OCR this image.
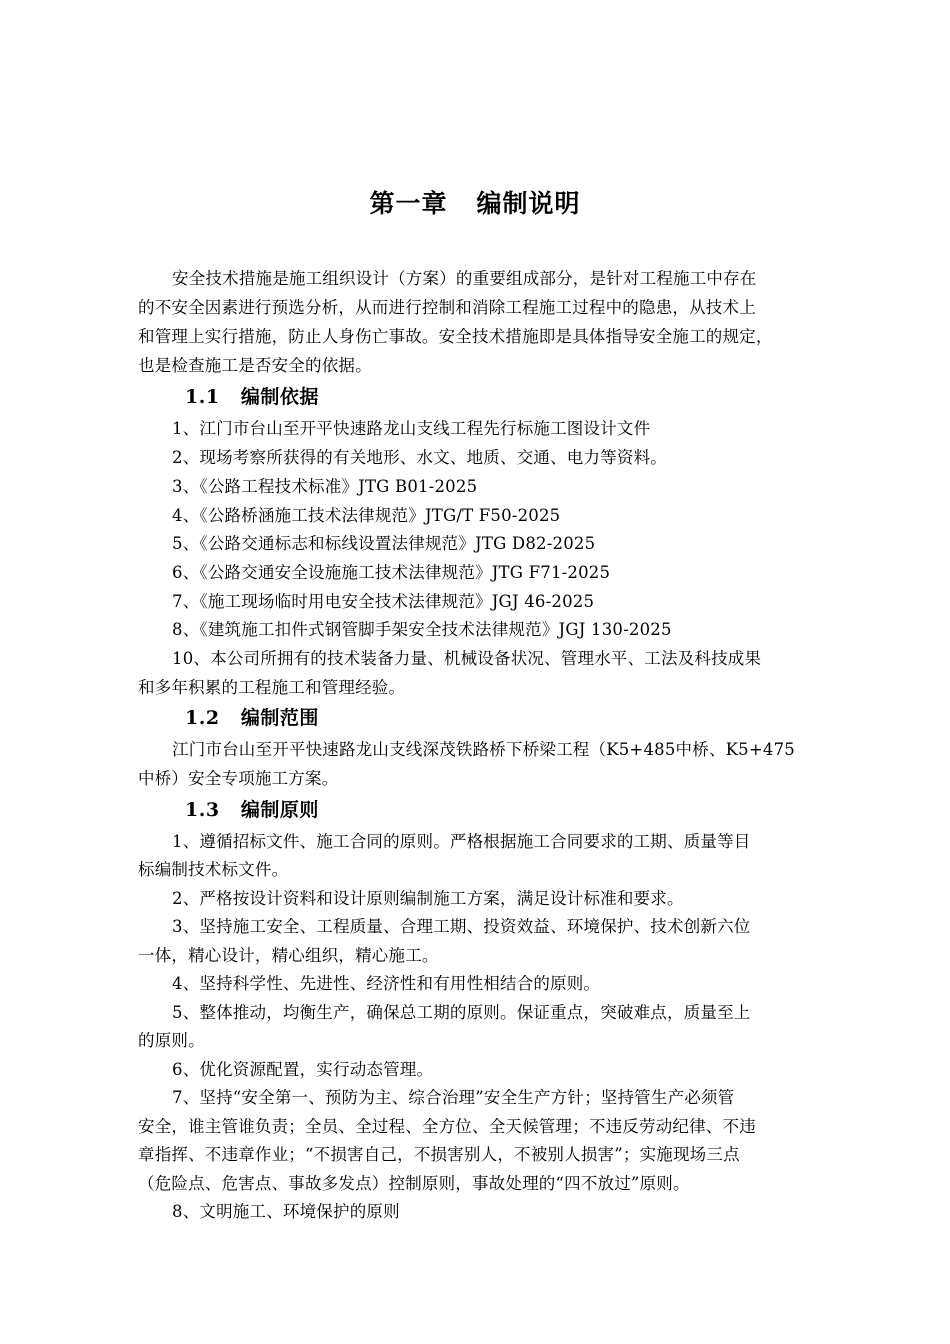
第一章   编制说明
安全技术措施是施工组织设计（方案）的重要组成部分，是针对工程施工中存在
的不安全因素进行预选分析，从而进行控制和消除工程施工过程中的隐患，从技术上
和管理上实行措施，防止人身伤亡事故。安全技术措施即是具体指导安全施工的规定，
也是检查施工是否安全的依据。
1.1   编制依据
1、江门市台山至开平快速路龙山支线工程先行标施工图设计文件
2、现场考察所获得的有关地形、水文、地质、交通、电力等资料。
3、《公路工程技术标准》JTG B01-2025
4、《公路桥涵施工技术法律规范》JTG/T F50-2025
5、《公路交通标志和标线设置法律规范》JTG D82-2025
6、《公路交通安全设施施工技术法律规范》JTG F71-2025
7、《施工现场临时用电安全技术法律规范》JGJ 46-2025
8、《建筑施工扣件式钢管脚手架安全技术法律规范》JGJ 130-2025
10、本公司所拥有的技术装备力量、机械设备状况、管理水平、工法及科技成果
和多年积累的工程施工和管理经验。
1.2   编制范围
江门市台山至开平快速路龙山支线深茂铁路桥下桥梁工程（K5+485中桥、K5+475
中桥）安全专项施工方案。
1.3   编制原则
1、遵循招标文件、施工合同的原则。严格根据施工合同要求的工期、质量等目
标编制技术标文件。
2、严格按设计资料和设计原则编制施工方案，满足设计标准和要求。
3、坚持施工安全、工程质量、合理工期、投资效益、环境保护、技术创新六位
一体，精心设计，精心组织，精心施工。
4、坚持科学性、先进性、经济性和有用性相结合的原则。
5、整体推动，均衡生产，确保总工期的原则。保证重点，突破难点，质量至上
的原则。
6、优化资源配置，实行动态管理。
7、坚持“安全第一、预防为主、综合治理”安全生产方针；坚持管生产必须管
安全，谁主管谁负责；全员、全过程、全方位、全天候管理；不违反劳动纪律、不违
章指挥、不违章作业；“不损害自己，不损害别人，不被别人损害”；实施现场三点
（危险点、危害点、事故多发点）控制原则，事故处理的“四不放过”原则。
8、文明施工、环境保护的原则
